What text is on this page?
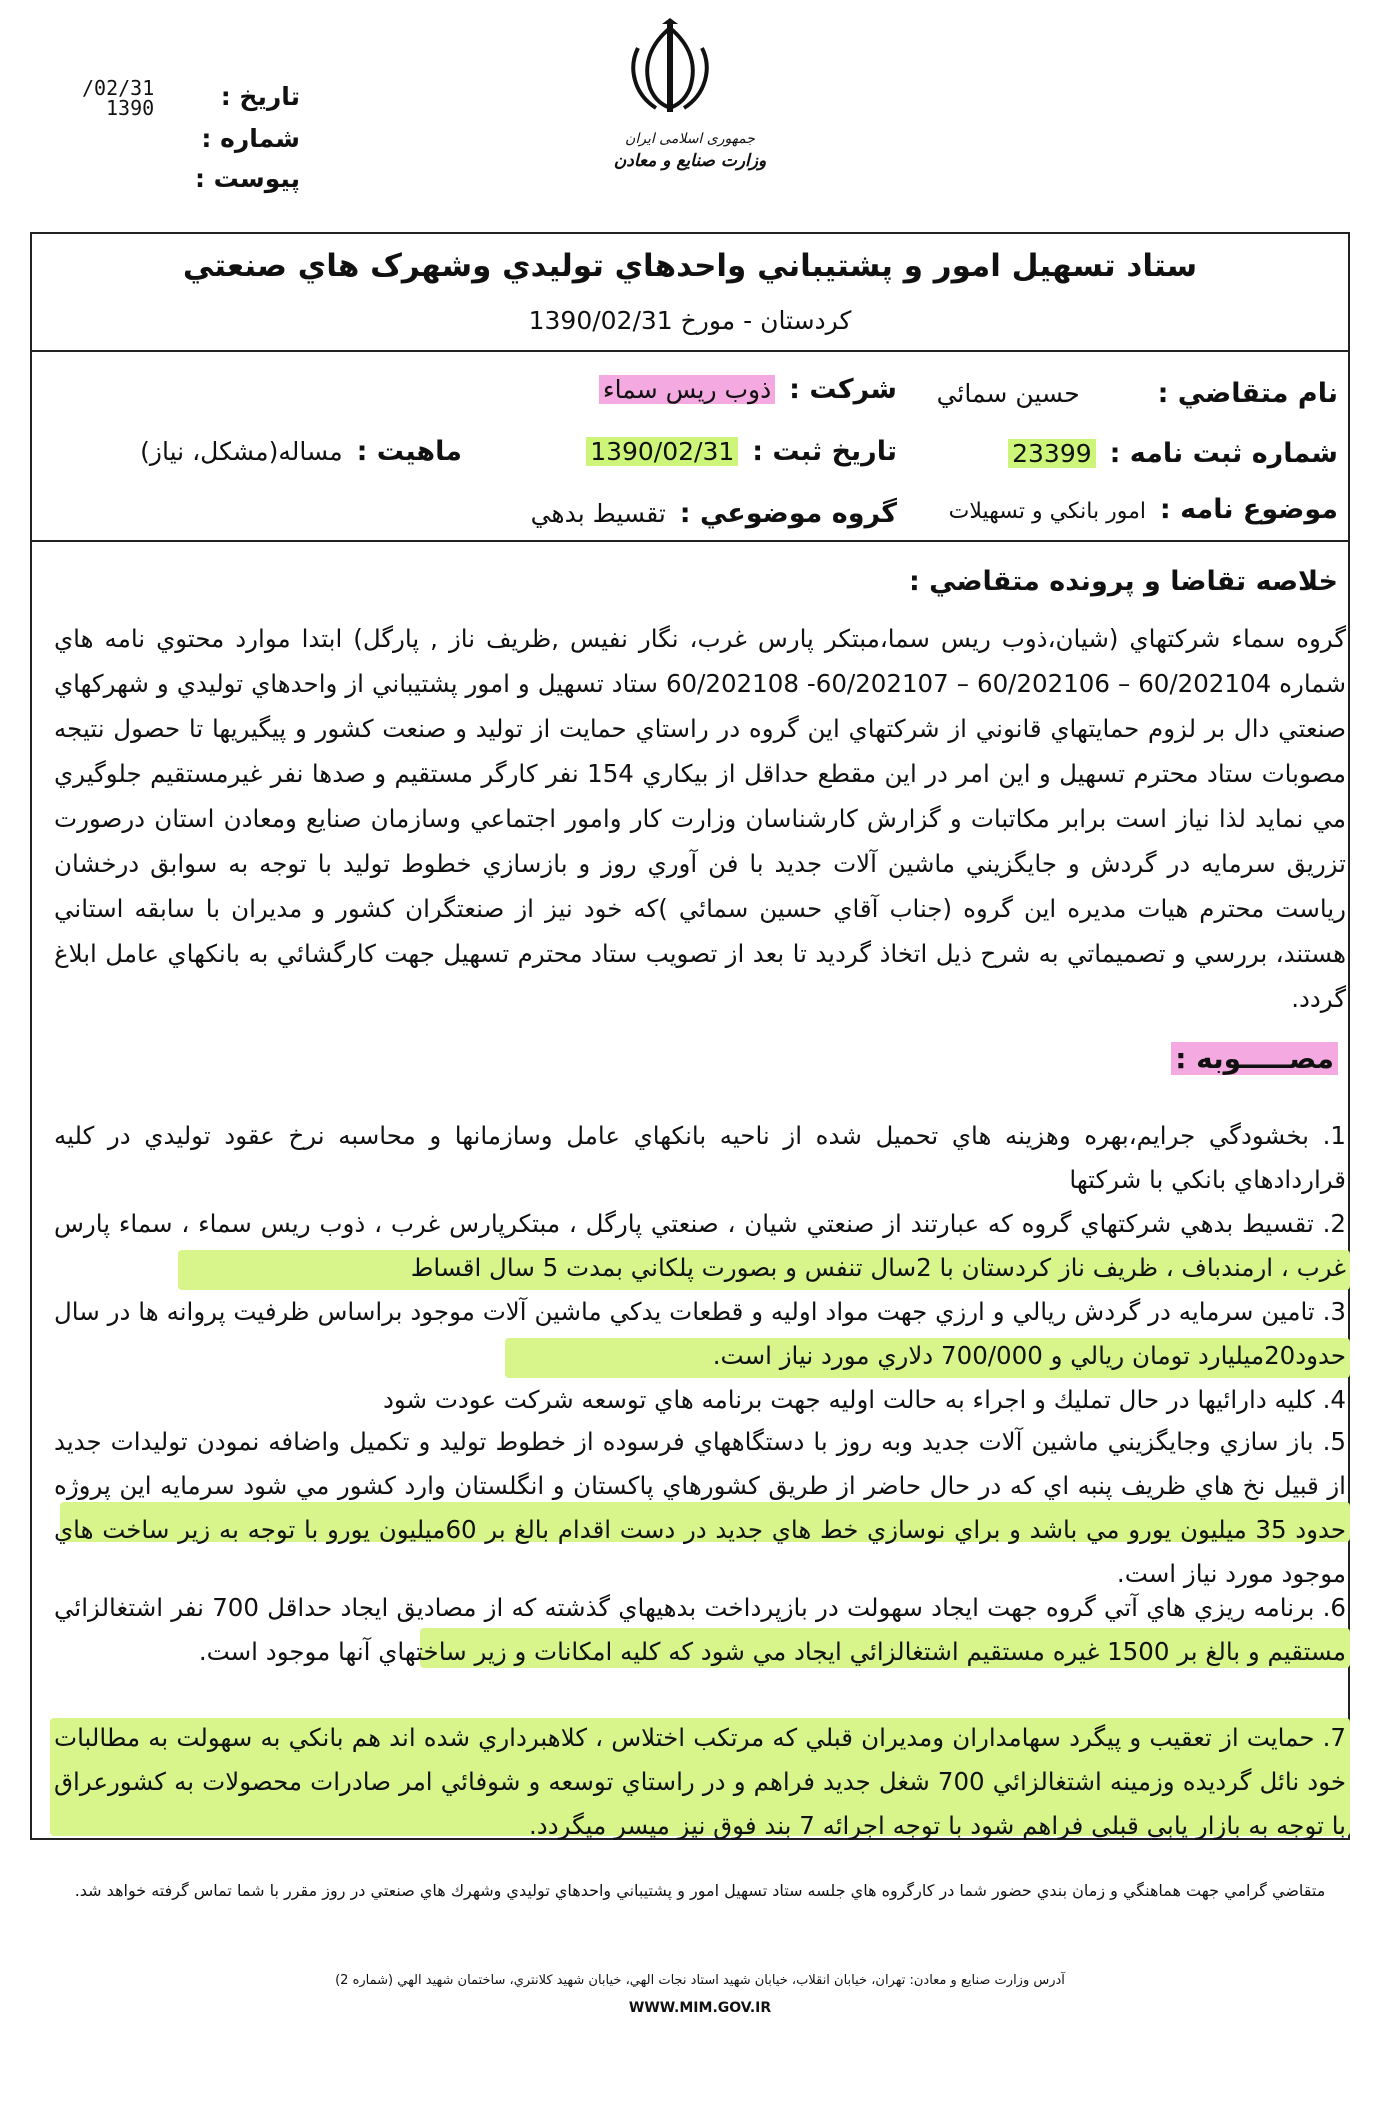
/02/31
1390	تاریخ :
شماره :
پیوست :
جمهوری اسلامی ایران
وزارت صنایع و معادن
ستاد تسهيل امور و پشتيباني واحدهاي توليدي وشهرک هاي صنعتي
کردستان - مورخ 1390/02/31
نام متقاضي : حسين سمائي
شركت : ذوب ريس سماء
شماره ثبت نامه : 23399
تاريخ ثبت : 1390/02/31
ماهيت : مساله(مشكل، نياز)
موضوع نامه : امور بانكي و تسهيلات
گروه موضوعي : تقسيط بدهي
خلاصه تقاضا و پرونده متقاضي :
گروه سماء شركتهاي (شيان،ذوب ريس سما،مبتكر پارس غرب، نگار نفيس ,ظريف ناز , پارگل) ابتدا موارد محتوي نامه هاي شماره 60/202104 – 60/202106 – 60/202107- 60/202108 ستاد تسهيل و امور پشتيباني از واحدهاي توليدي و شهركهاي صنعتي دال بر لزوم حمايتهاي قانوني از شركتهاي اين گروه در راستاي حمايت از توليد و صنعت كشور و پيگيريها تا حصول نتيجه مصوبات ستاد محترم تسهيل و اين امر در اين مقطع حداقل از بيكاري 154 نفر كارگر مستقيم و صدها نفر غيرمستقيم جلوگيري مي نمايد لذا نياز است برابر مكاتبات و گزارش كارشناسان وزارت كار وامور اجتماعي وسازمان صنايع ومعادن استان درصورت تزريق سرمايه در گردش و جايگزيني ماشين آلات جديد با فن آوري روز و بازسازي خطوط توليد با توجه به سوابق درخشان رياست محترم هيات مديره اين گروه (جناب آقاي حسين سمائي )كه خود نيز از صنعتگران كشور و مديران با سابقه استاني هستند، بررسي و تصميماتي به شرح ذيل اتخاذ گرديد تا بعد از تصويب ستاد محترم تسهيل جهت كارگشائي به بانكهاي عامل ابلاغ گردد.
مصـــــوبه :
1. بخشودگي جرايم،بهره وهزينه هاي تحميل شده از ناحيه بانكهاي عامل وسازمانها و محاسبه نرخ عقود توليدي در كليه قراردادهاي بانكي با شركتها
2. تقسيط بدهي شركتهاي گروه كه عبارتند از صنعتي شيان ، صنعتي پارگل ، مبتكرپارس غرب ، ذوب ريس سماء ، سماء پارس غرب ، ارمندباف ، ظريف ناز كردستان با 2سال تنفس و بصورت پلكاني بمدت 5 سال اقساط
3. تامين سرمايه در گردش ريالي و ارزي جهت مواد اوليه و قطعات يدكي ماشين آلات موجود براساس ظرفيت پروانه ها در سال حدود20ميليارد تومان ريالي و 700/000 دلاري مورد نياز است.
4. كليه دارائيها در حال تمليك و اجراء به حالت اوليه جهت برنامه هاي توسعه شركت عودت شود
5. باز سازي وجايگزيني ماشين آلات جديد وبه روز با دستگاههاي فرسوده از خطوط توليد و تكميل واضافه نمودن توليدات جديد از قبيل نخ هاي ظريف پنبه اي كه در حال حاضر از طريق كشورهاي پاكستان و انگلستان وارد كشور مي شود سرمايه اين پروژه حدود 35 ميليون يورو مي باشد و براي نوسازي خط هاي جديد در دست اقدام بالغ بر 60ميليون يورو با توجه به زير ساخت هاي موجود مورد نياز است.
6. برنامه ريزي هاي آتي گروه جهت ايجاد سهولت در بازپرداخت بدهيهاي گذشته كه از مصاديق ايجاد حداقل 700 نفر اشتغالزائي مستقيم و بالغ بر 1500 غيره مستقيم اشتغالزائي ايجاد مي شود كه كليه امكانات و زير ساختهاي آنها موجود است.
7. حمايت از تعقيب و پيگرد سهامداران ومديران قبلي كه مرتكب اختلاس ، كلاهبرداري شده اند هم بانكي به سهولت به مطالبات خود نائل گرديده وزمينه اشتغالزائي 700 شغل جديد فراهم و در راستاي توسعه و شوفائي امر صادرات محصولات به كشورعراق با توجه به بازار يابي قبلي فراهم شود با توجه اجرائه 7 بند فوق نيز ميسر ميگردد.
متقاضي گرامي جهت هماهنگي و زمان بندي حضور شما در كارگروه هاي جلسه ستاد تسهيل امور و پشتيباني واحدهاي توليدي وشهرك هاي صنعتي در روز مقرر با شما تماس گرفته خواهد شد.
آدرس وزارت صنايع و معادن: تهران، خيابان انقلاب، خيابان شهيد استاد نجات الهي، خيابان شهيد كلانتري، ساختمان شهيد الهي (شماره 2)
WWW.MIM.GOV.IR
